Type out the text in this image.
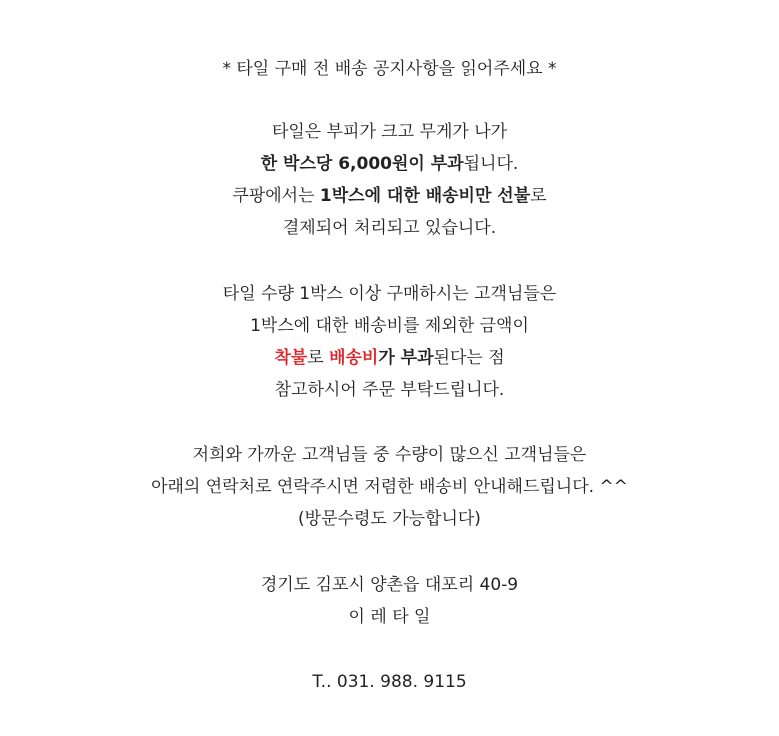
* 타일 구매 전 배송 공지사항을 읽어주세요 *
타일은 부피가 크고 무게가 나가
한 박스당 6,000원이 부과됩니다.
쿠팡에서는 1박스에 대한 배송비만 선불로
결제되어 처리되고 있습니다.
타일 수량 1박스 이상 구매하시는 고객님들은
1박스에 대한 배송비를 제외한 금액이
착불로 배송비가 부과된다는 점
참고하시어 주문 부탁드립니다.
저희와 가까운 고객님들 중 수량이 많으신 고객님들은
아래의 연락처로 연락주시면 저렴한 배송비 안내해드립니다. ^^
(방문수령도 가능합니다)
경기도 김포시 양촌읍 대포리 40-9
이 레 타 일
T.. 031. 988. 9115
